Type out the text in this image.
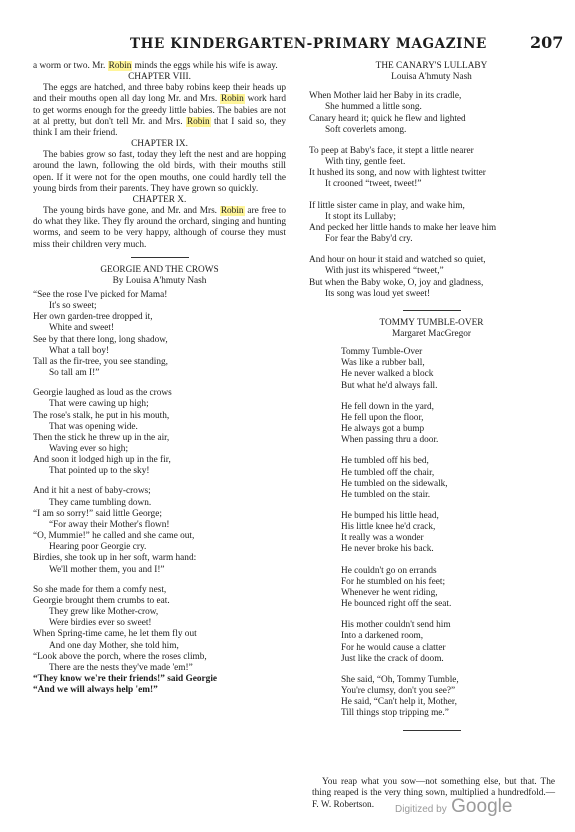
THE KINDERGARTEN-PRIMARY MAGAZINE	207

a worm or two. Mr. Robin minds the eggs while his wife is away.

CHAPTER VIII.

The eggs are hatched, and three baby robins keep their heads up and their mouths open all day long Mr. and Mrs. Robin work hard to get worms enough for the greedy little babies. The babies are not at al pretty, but don't tell Mr. and Mrs. Robin that I said so, they think I am their friend.

CHAPTER IX.

The babies grow so fast, today they left the nest and are hopping around the lawn, following the old birds, with their mouths still open. If it were not for the open mouths, one could hardly tell the young birds from their parents. They have grown so quickly.

CHAPTER X.

The young birds have gone, and Mr. and Mrs. Robin are free to do what they like. They fly around the orchard, singing and hunting worms, and seem to be very happy, although of course they must miss their children very much.

GEORGIE AND THE CROWS

By Louisa A'hmuty Nash

“See the rose I've picked for Mama!

It's so sweet;

Her own garden-tree dropped it,

White and sweet!

See by that there long, long shadow,

What a tall boy!

Tall as the fir-tree, you see standing,

So tall am I!”

Georgie laughed as loud as the crows

That were cawing up high;

The rose's stalk, he put in his mouth,

That was opening wide.

Then the stick he threw up in the air,

Waving ever so high;

And soon it lodged high up in the fir,

That pointed up to the sky!

And it hit a nest of baby-crows;

They came tumbling down.

“I am so sorry!” said little George;

“For away their Mother's flown!

“O, Mummie!” he called and she came out,

Hearing poor Georgie cry.

Birdies, she took up in her soft, warm hand:

We'll mother them, you and I!”

So she made for them a comfy nest,

Georgie brought them crumbs to eat.

They grew like Mother-crow,

Were birdies ever so sweet!

When Spring-time came, he let them fly out

And one day Mother, she told him,

“Look above the porch, where the roses climb,

There are the nests they've made 'em!”

“They know we're their friends!” said Georgie

“And we will always help 'em!”

THE CANARY'S LULLABY

Louisa A'hmuty Nash

When Mother laid her Baby in its cradle,

She hummed a little song.

Canary heard it; quick he flew and lighted

Soft coverlets among.

To peep at Baby's face, it stept a little nearer

With tiny, gentle feet.

It hushed its song, and now with lightest twitter

It crooned “tweet, tweet!”

If little sister came in play, and wake him,

It stopt its Lullaby;

And pecked her little hands to make her leave him

For fear the Baby'd cry.

And hour on hour it staid and watched so quiet,

With just its whispered “tweet,”

But when the Baby woke, O, joy and gladness,

Its song was loud yet sweet!

TOMMY TUMBLE-OVER

Margaret MacGregor

Tommy Tumble-Over

Was like a rubber ball,

He never walked a block

But what he'd always fall.

He fell down in the yard,

He fell upon the floor,

He always got a bump

When passing thru a door.

He tumbled off his bed,

He tumbled off the chair,

He tumbled on the sidewalk,

He tumbled on the stair.

He bumped his little head,

His little knee he'd crack,

It really was a wonder

He never broke his back.

He couldn't go on errands

For he stumbled on his feet;

Whenever he went riding,

He bounced right off the seat.

His mother couldn't send him

Into a darkened room,

For he would cause a clatter

Just like the crack of doom.

She said, “Oh, Tommy Tumble,

You're clumsy, don't you see?”

He said, “Can't help it, Mother,

Till things stop tripping me.”

You reap what you sow—not something else, but that. The thing reaped is the very thing sown, multiplied a hundredfold.—F. W. Robertson.	Digitized by Google
